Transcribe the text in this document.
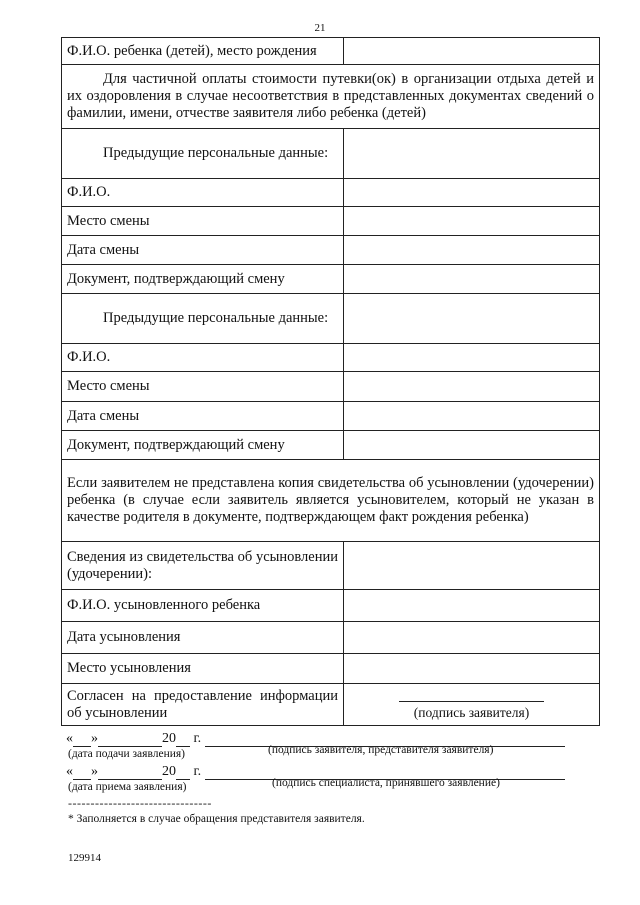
21
Ф.И.О. ребенка (детей), место рождения	
Для частичной оплаты стоимости путевки(ок) в организации отдыха детей и их оздоровления в случае несоответствия в представленных документах сведений о фамилии, имени, отчестве заявителя либо ребенка (детей)	
Предыдущие персональные данные:	
Ф.И.О.	
Место смены	
Дата смены	
Документ, подтверждающий смену	
Предыдущие персональные данные:	
Ф.И.О.	
Место смены	
Дата смены	
Документ, подтверждающий смену	
Если заявителем не представлена копия свидетельства об усыновлении (удочерении) ребенка (в случае если заявитель является усыновителем, который не указан в качестве родителя в документе, подтверждающем факт рождения ребенка)	
Сведения из свидетельства об усыновлении (удочерении):	
Ф.И.О. усыновленного ребенка	
Дата усыновления	
Место усыновления	
Согласен на предоставление информации об усыновлении	(подпись заявителя)
« »	20
г.

(дата подачи заявления)	(подпись заявителя, представителя заявителя)
« »	20
г.

(дата приема заявления)	(подпись специалиста, принявшего заявление)
--------------------------------
* Заполняется в случае обращения представителя заявителя.
129914
